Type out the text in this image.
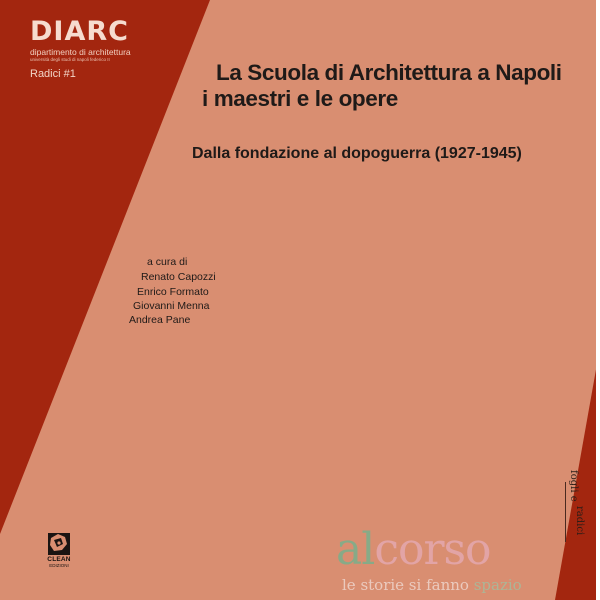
DIARC
dipartimento di architettura
università degli studi di napoli federico II
Radici #1	La Scuola di Architettura a Napoli
i maestri e le opere
Dalla fondazione al dopoguerra (1927-1945)
a cura di
Renato Capozzi
Enrico Formato
Giovanni Menna
Andrea Pane
CLEAN
EDIZIONI
fogli e
radici
alcorso
le storie si fanno spazio
